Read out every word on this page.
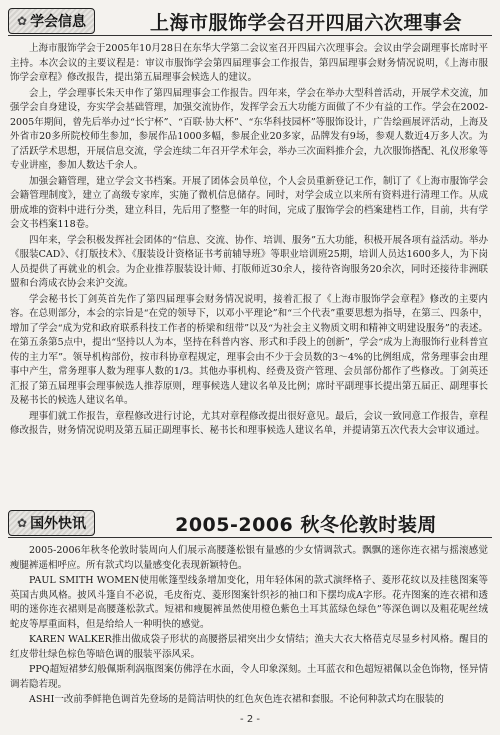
✿ 学会信息	上海市服饰学会召开四届六次理事会

上海市服饰学会于2005年10月28日在东华大学第二会议室召开四届六次理事会。会议由学会副理事长席时平主持。本次会议的主要议程是：审议市服饰学会第四届理事会工作报告，第四届理事会财务情况说明，《上海市服饰学会章程》修改报告，提出第五届理事会候选人的建议。

会上，学会理事长朱天申作了第四届理事会工作报告。四年来，学会在举办大型科普活动，开展学术交流，加强学会自身建设，夯实学会基础管理，加强交流协作，发挥学会五大功能方面做了不少有益的工作。学会在2002-2005年期间，曾先后举办过“长宁杯”、“百联·协大杯”、“东华科技园杯”等服饰设计，广告绘画展评活动，上海及外省市20多所院校师生参加，参展作品1000多幅，参展企业20多家，品牌发有9场，参观人数近4万多人次。为了活跃学术思想，开展信息交流，学会连续二年召开学术年会，举办三次面料推介会，九次服饰搭配、礼仪形象等专业讲座，参加人数达千余人。

加强会籍管理，建立学会文书档案。开展了团体会员单位，个人会员重新登记工作，制订了《上海市服饰学会会籍管理制度》，建立了高级专家库，实施了微机信息储存。同时，对学会成立以来所有资料进行清理工作。从成册成堆的资料中进行分类，建立科目，先后用了整整一年的时间，完成了服饰学会的档案建档工作，目前，共有学会文书档案118卷。

四年来，学会积极发挥社会团体的“信息、交流、协作、培训、服务”五大功能，积极开展各项有益活动。举办《服装CAD》、《打版技术》、《服装设计资格证书考前辅导班》等职业培训班25期，培训人员达1600多人，为下岗人员提供了再就业的机会。为企业推荐服装设计师、打版师近30余人，接待咨询服务20余次，同时还接待非洲联盟和台湾成衣协会来沪交流。

学会秘书长丁剑英首先作了第四届理事会财务情况说明，接着汇报了《上海市服饰学会章程》修改的主要内容。在总则部分，本会的宗旨是“在党的领导下，以邓小平理论”和“三个代表”重要思想为指导，在第三、四条中，增加了学会“成为党和政府联系科技工作者的桥梁和纽带”以及“为社会主义物质文明和精神文明建设服务”的表述。在第五条第5点中，提出“坚持以人为本，坚持在科普内容、形式和手段上的创新”，学会“成为上海服饰行业科普宣传的主力军”。领导机构部份，按市科协章程规定，理事会由不少于会员数的3～4%的比例组成，常务理事会由理事中产生，常务理事人数为理事人数的1/3。其他办事机构、经费及资产管理、会员部份都作了些修改。丁剑英还汇报了第五届理事会理事候选人推荐原则，理事候选人建议名单及比例；席时平副理事长提出第五届正、副理事长及秘书长的候选人建议名单。

理事们就工作报告，章程修改进行讨论，尤其对章程修改提出很好意见。最后，会议一致同意工作报告，章程修改报告，财务情况说明及第五届正副理事长、秘书长和理事候选人建议名单，并提请第五次代表大会审议通过。

✿ 国外快讯	2005-2006 秋冬伦敦时装周

2005-2006年秋冬伦敦时装周向人们展示高腰蓬松银有量感的少女情调款式。飘飘的迷你连衣裙与摇滚感觉瘦腿裤遥相呼应。所有款式均以量感变化表现新颖特色。

PAUL SMITH WOMEN使用帐篷型线条增加变化，用年轻体闲的款式演绎格子、菱形花纹以及挂毯图案等英国古典风格。披风斗篷自不必说，毛皮衔克、菱形图案针织衫的袖口和下摆均成A字形。花卉图案的连衣裙和透明的迷你连衣裙则是高腰蓬松款式。短裙和瘦腿裤虽然使用橙色紫色土耳其蓝绿色绿色”等深色调以及粗花呢丝绒蛇皮等厚重面料，但是给给人一种明快的感觉。

KAREN WALKER推出做成袋子形状的高腰搭层裙突出少女情结；渔夫大衣大格蓓克尽显乡村风格。醒目的红皮带壮绿色棕色等暗色调的服装平添风采。

PPQ超短裙梦幻般佩斯利涡瓶图案仿佛浮在水面，令人印象深刻。土耳蓝衣和色超短裙佩以金色饰物，怪异情调若隐若现。

ASHI一改前季鲜艳色调首先登场的是简洁明快的红色灰色连衣裙和套服。不论何种款式均在服装的

- 2 -
